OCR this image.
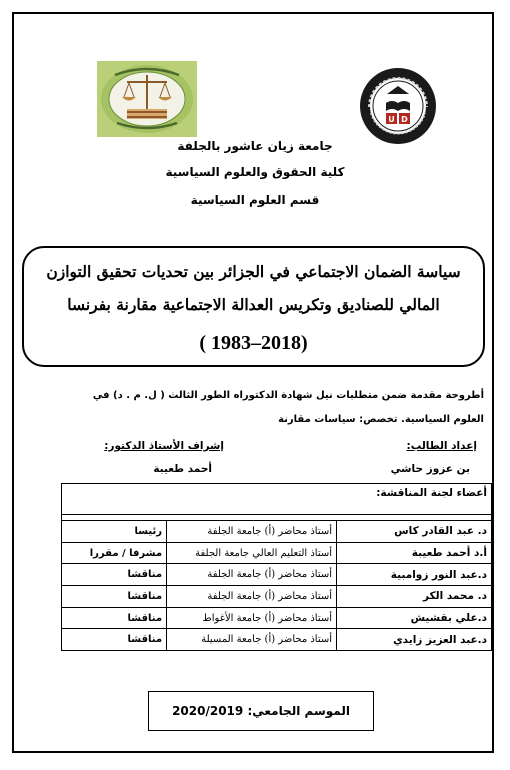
U D
جامعة زيان عاشور بالجلفة
كلية الحقوق والعلوم السياسية
قسم العلوم السياسية
سياسة الضمان الاجتماعي في الجزائر بين تحديات تحقيق التوازن
المالي للصناديق وتكريس العدالة الاجتماعية مقارنة بفرنسا
( 1983–2018)
أطروحة مقدمة ضمن متطلبات نيل شهادة الدكتوراه الطور الثالث ( ل. م . د) في
العلوم السياسية. تخصص: سياسات مقارنة
إعداد الطالب:
بن عزوز حاشي
إشراف الأستاذ الدكتور:
أحمد طعيبة
أعضاء لجنة المناقشة:		

د. عبد القادر كاس	أستاذ محاضر (أ) جامعة الجلفة	رئيسا
أ.د أحمد طعيبة	أستاذ التعليم العالي جامعة الجلفة	مشرفا / مقررا
د.عبد النور زوامبية	أستاذ محاضر (أ) جامعة الجلفة	مناقشا
د. محمد الكر	أستاذ محاضر (أ) جامعة الجلفة	مناقشا
د.علي بقشيش	أستاذ محاضر (أ) جامعة الأغواط	مناقشا
د.عبد العزيز زايدي	أستاذ محاضر (أ) جامعة المسيلة	مناقشا
الموسم الجامعي: 2020/2019
